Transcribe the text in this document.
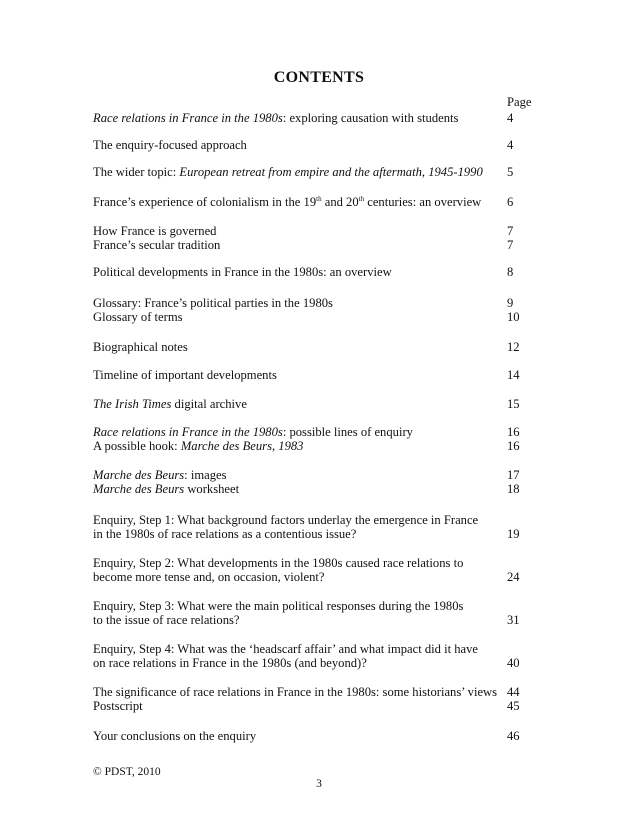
CONTENTS
Page
Race relations in France in the 1980s: exploring causation with students	4
The enquiry-focused approach	4
The wider topic: European retreat from empire and the aftermath, 1945-1990	5
France’s experience of colonialism in the 19th and 20th centuries: an overview	6
How France is governed	7
France’s secular tradition	7
Political developments in France in the 1980s: an overview	8
Glossary: France’s political parties in the 1980s	9
Glossary of terms	10
Biographical notes	12
Timeline of important developments	14
The Irish Times digital archive	15
Race relations in France in the 1980s: possible lines of enquiry	16
A possible hook: Marche des Beurs, 1983	16
Marche des Beurs: images	17
Marche des Beurs worksheet	18
Enquiry, Step 1: What background factors underlay the emergence in France
in the 1980s of race relations as a contentious issue?	19
Enquiry, Step 2: What developments in the 1980s caused race relations to
become more tense and, on occasion, violent?	24
Enquiry, Step 3: What were the main political responses during the 1980s
to the issue of race relations?	31
Enquiry, Step 4: What was the ‘headscarf affair’ and what impact did it have
on race relations in France in the 1980s (and beyond)?	40
The significance of race relations in France in the 1980s: some historians’ views 44
Postscript	45
Your conclusions on the enquiry	46
© PDST, 2010
3
